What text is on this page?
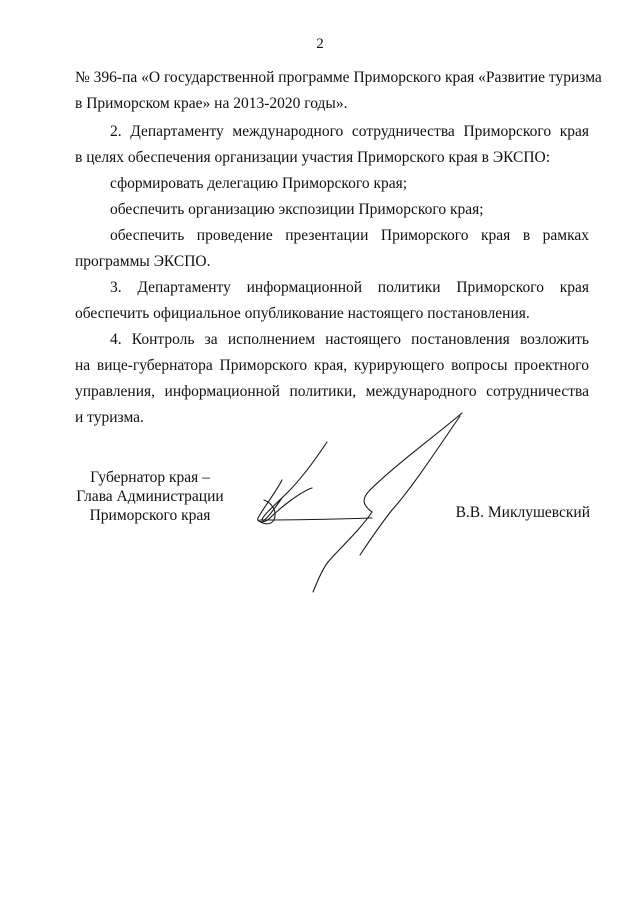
2
№ 396-па «О государственной программе Приморского края «Развитие туризма
в Приморском крае» на 2013-2020 годы».
2. Департаменту международного сотрудничества Приморского края
в целях обеспечения организации участия Приморского края в ЭКСПО:
сформировать делегацию Приморского края;
обеспечить организацию экспозиции Приморского края;
обеспечить проведение презентации Приморского края в рамках
программы ЭКСПО.
3. Департаменту информационной политики Приморского края
обеспечить официальное опубликование настоящего постановления.
4. Контроль за исполнением настоящего постановления возложить
на вице-губернатора Приморского края, курирующего вопросы проектного
управления, информационной политики, международного сотрудничества
и туризма.
Губернатор края –
Глава Администрации
Приморского края	В.В. Миклушевский
